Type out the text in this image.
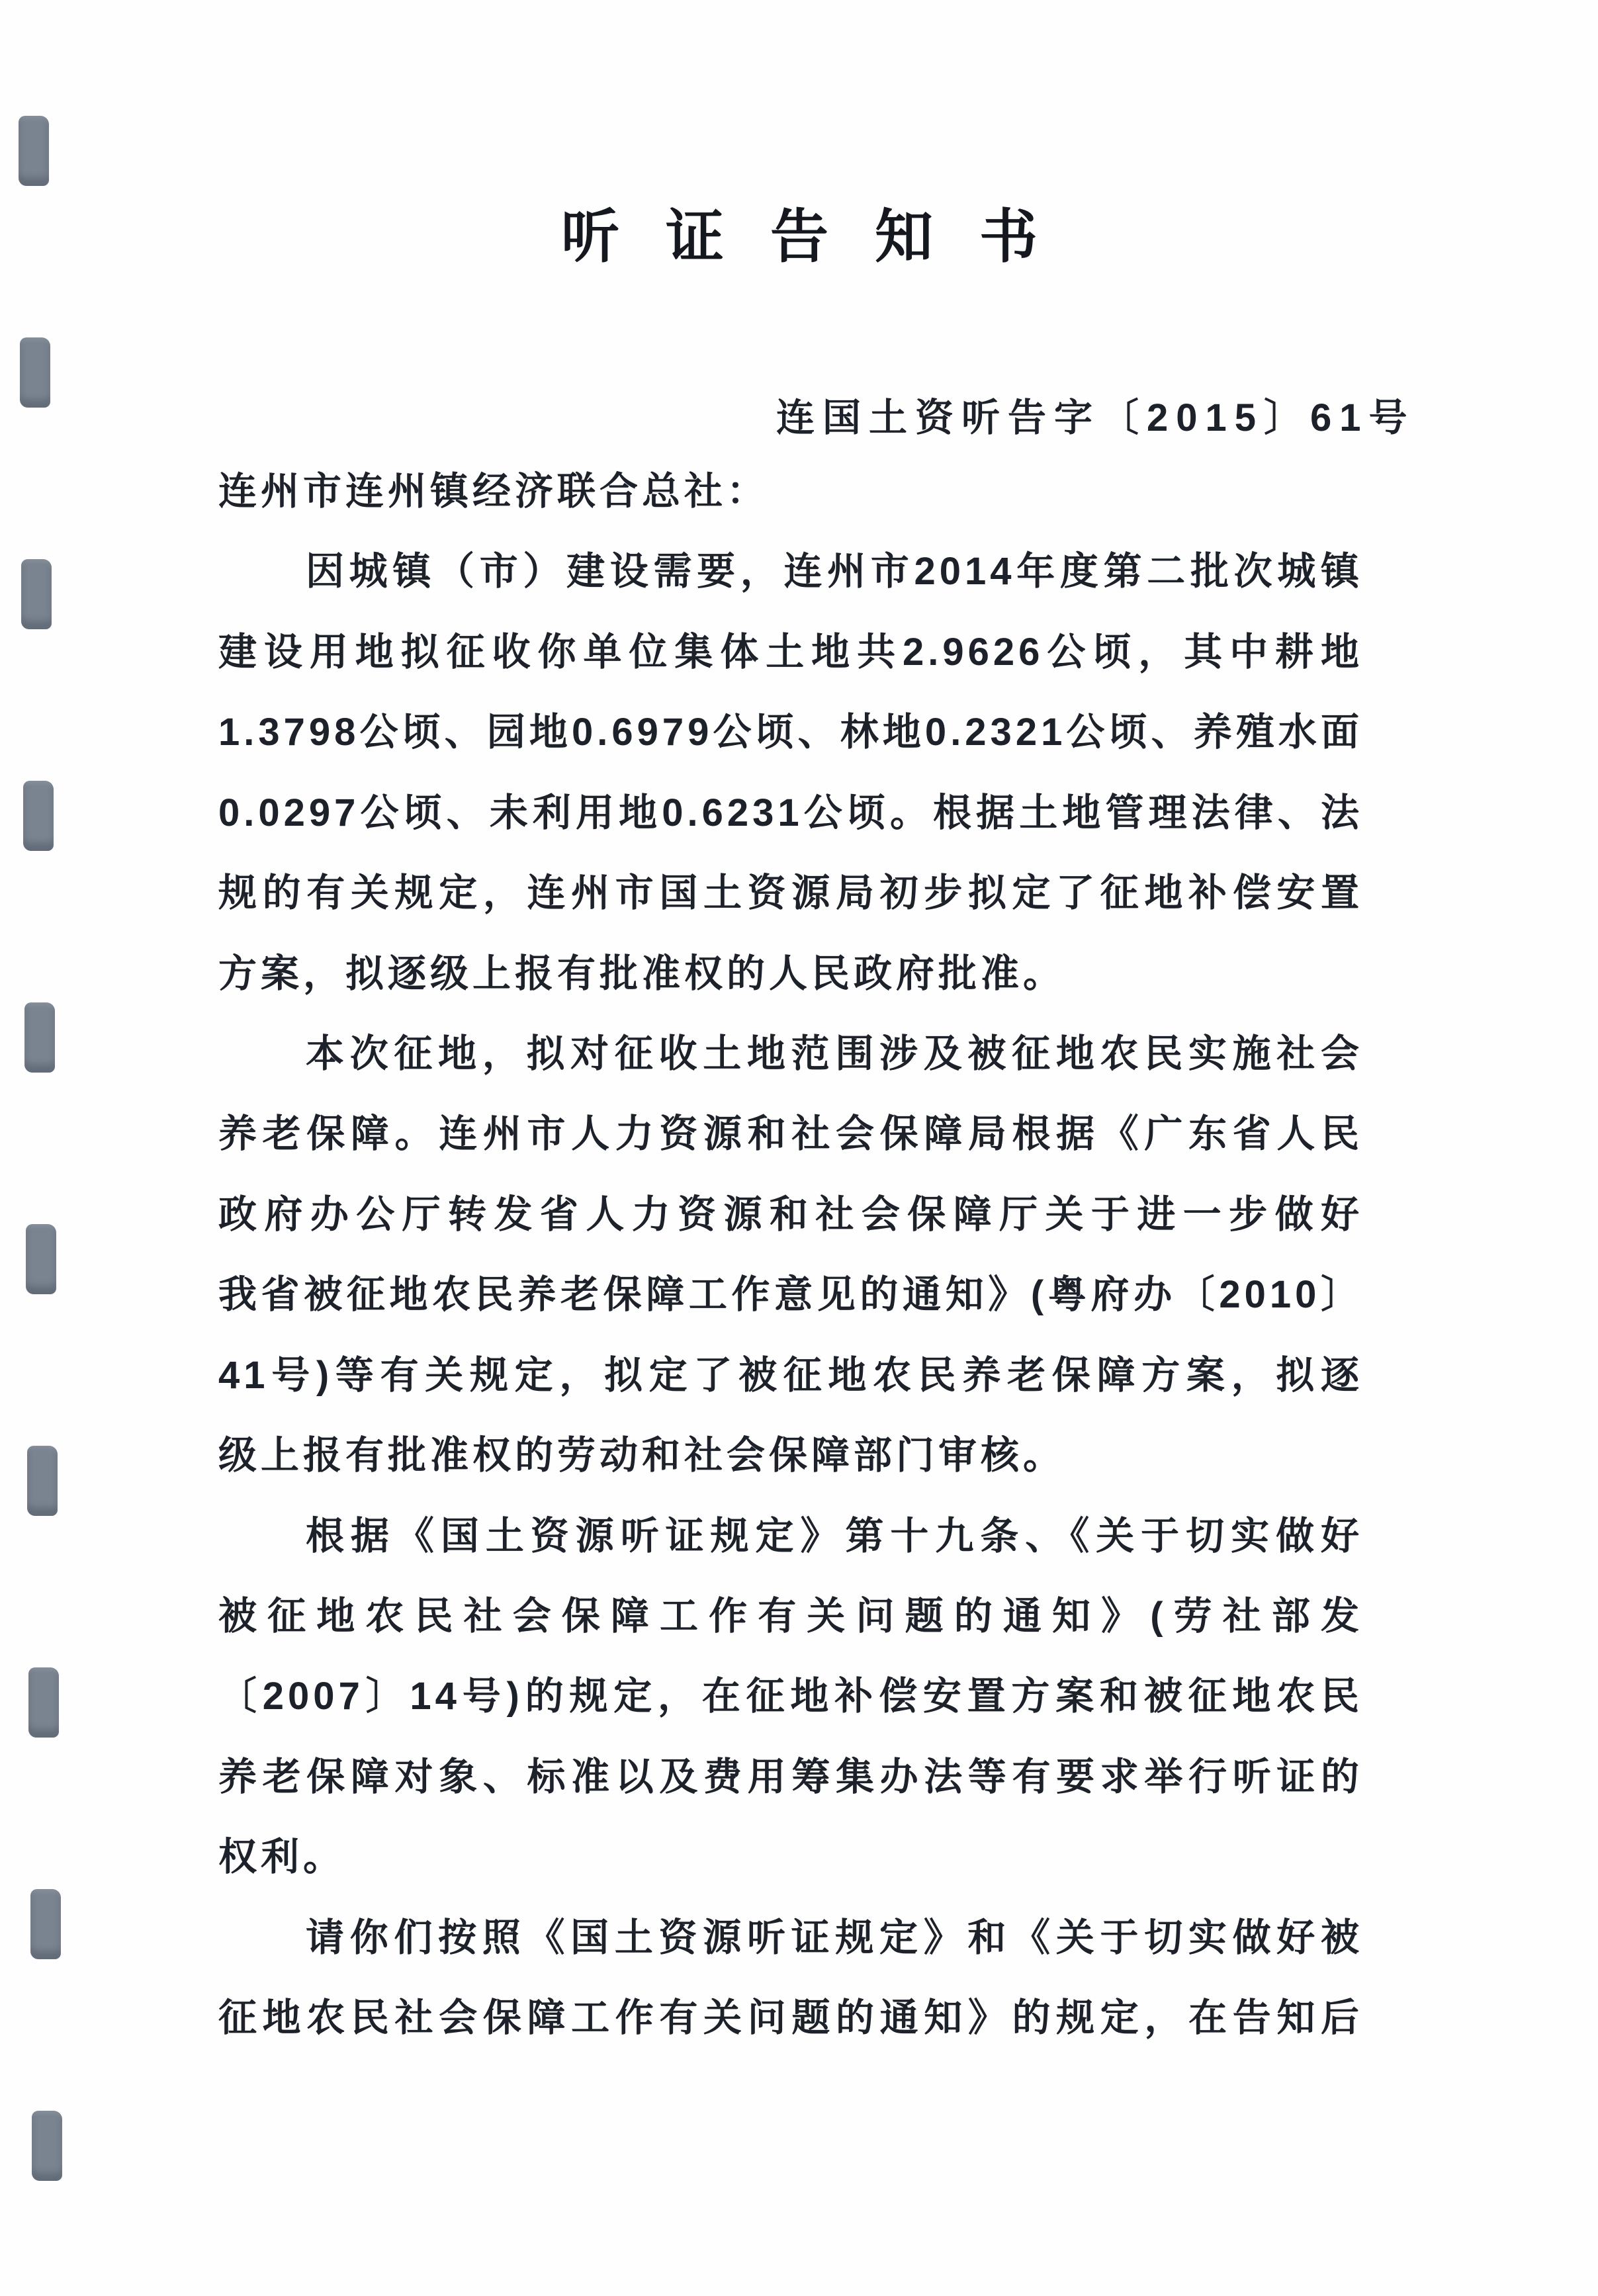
听证告知书
连国土资听告字〔2015〕61号
连州市连州镇经济联合总社：
因城镇（市）建设需要，连州市2014年度第二批次城镇
建设用地拟征收你单位集体土地共2.9626公顷，其中耕地
1.3798公顷、园地0.6979公顷、林地0.2321公顷、养殖水面
0.0297公顷、未利用地0.6231公顷。根据土地管理法律、法
规的有关规定，连州市国土资源局初步拟定了征地补偿安置
方案，拟逐级上报有批准权的人民政府批准。
本次征地，拟对征收土地范围涉及被征地农民实施社会
养老保障。连州市人力资源和社会保障局根据《广东省人民
政府办公厅转发省人力资源和社会保障厅关于进一步做好
我省被征地农民养老保障工作意见的通知》(粤府办〔2010〕
41号)等有关规定，拟定了被征地农民养老保障方案，拟逐
级上报有批准权的劳动和社会保障部门审核。
根据《国土资源听证规定》第十九条、《关于切实做好
被征地农民社会保障工作有关问题的通知》(劳社部发
〔2007〕14号)的规定，在征地补偿安置方案和被征地农民
养老保障对象、标准以及费用筹集办法等有要求举行听证的
权利。
请你们按照《国土资源听证规定》和《关于切实做好被
征地农民社会保障工作有关问题的通知》的规定，在告知后
